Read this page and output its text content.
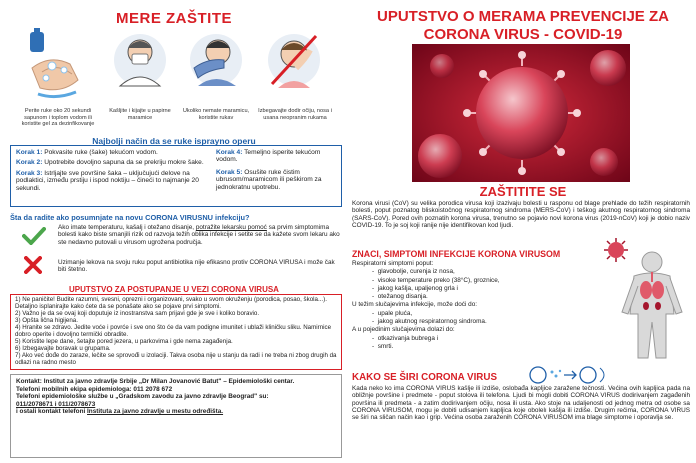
MERE ZAŠTITE
Perite ruke oko 20 sekundi sapunom i toplom vodom ili koristite gel za dezinfikovanje
Kašljite i kijajte u papirne maramice
Ukoliko nemate maramicu, koristite rukav
Izbegavajte dodir očiju, nosa i usana neopranim rukama
Najbolji način da se ruke isprayno operu
Korak 1: Pokvasite ruke (šake) tekućom vodom.
Korak 2: Upotrebite dovoljno sapuna da se prekriju mokre šake.
Korak 3: Istrljajte sve površine šaka – uključujući delove na podlaktici, između prstiju i ispod noktiju – čineći to najmanje 20 sekundi.
Korak 4: Temeljno isperite tekućom vodom.
Korak 5: Osušite ruke čistim ubrusom/maramicom ili peškirom za jednokratnu upotrebu.
Šta da radite ako posumnjate na novu CORONA VIRUSNU infekciju?
Ako imate temperaturu, kašalj i otežano disanje, potražite lekarsku pomoć sa prvim simptomima bolesti kako biste smanjili rizik od razvoja težih oblika infekcije i setite se da kažete svom lekaru ako ste nedavno putovali u virusom ugrožena područja.
Uzimanje lekova na svoju ruku poput antibiotika nije efikasno protiv CORONA VIRUSA i može čak biti štetno.
UPUTSTVO ZA POSTUPANJE U VEZI CORONA VIRUSA
1) Ne paničite! Budite razumni, svesni, oprezni i organizovani, svako u svom okruženju (porodica, posao, škola...). Detaljno isplanirajte kako ćete da se ponašate ako se pojave prvi simptomi.
2) Važno je da se ovaj koji doputuje iz inostranstva sam prijavi gde je sve i koliko boravio.
3) Opšta lična higijena.
4) Hranite se zdravo. Jedite voće i povrće i sve ono što će da vam podigne imunitet i ublaži kliničku sliku. Namirnice dobro operite i dovoljno termički obradite.
5) Koristite lepe dane, šetajte pored jezera, u parkovima i gde nema zagađenja.
6) Izbegavajte boravak u grupama.
7) Ako već dođe do zaraze, lečite se sprovođi u izolaciji. Takva osoba nije u stanju da radi i ne treba ni zbog drugih da odlazi na radno mesto
Kontakt: Institut za javno zdravlje Srbije „Dr Milan Jovanović Batut" – Epidemiološki centar.
Telefoni mobilnih ekipa epidemiologa: 011 2078 672
Telefoni epidemiološke službe u „Gradskom zavodu za javno zdravlje Beograd" su:
011/2078671 i 011/2078673
i ostali kontakt telefoni Instituta za javno zdravlje u mestu određišta.
UPUTSTVO O MERAMA PREVENCIJE ZA
CORONA VIRUS - COVID-19
ZAŠTITITE SE
Korona virusi (CoV) su velika porodica virusa koji izazivaju bolesti u rasponu od blage prehlade do težih respiratornih bolesti, poput poznatog bliskoistočnog respiratornog sindroma (MERS-CoV) i teškog akutnog respiratornog sindroma (SARS-CoV). Pored ovih poznatih korona virusa, trenutno se pojavio novi korona virus (2019-nCoV) koji je dobio naziv COVID-19. To je soj koji ranije nije identifikovan kod ljudi.
ZNACI, SIMPTOMI INFEKCIJE KORONA VIRUSOM
Respiratorni simptomi poput:
-  glavobolje, curenja iz nosa,
-  visoke temperature preko (38°C), groznice,
-  jakog kašlja, upaljenog grla i
-  otežanog disanja.
U težim slučajevima infekcije, može doći do:
-  upale pluća,
-  jakog akutnog respiratornog sindroma.
A u pojedinim slučajevima dolazi do:
-  otkazivanja bubrega i
-  smrti.
KAKO SE ŠIRI CORONA VIRUS
Kada neko ko ima CORONA VIRUS kašlje ili izdiše, oslobađa kapljice zaražene tečnosti. Većina ovih kapljica pada na obližnje površine i predmete - poput stolova ili telefona. Ljudi bi mogli dobiti CORONA VIRUS dodirivanjem zagađenih površina ili predmeta - a zatim dodirivanjem očiju, nosa ili usta. Ako stoje na udaljenosti od jednog metra od osobe sa CORONA VIRUSOM, mogu je dobiti udisanjem kapljica koje obolelı kašlja ili izdiše. Drugim rečima, CORONA VIRUS se širi na sličan način kao i grip. Većina osoba zaraženih CORONA VIRUSOM ima blage simptome i oporavlja se.
